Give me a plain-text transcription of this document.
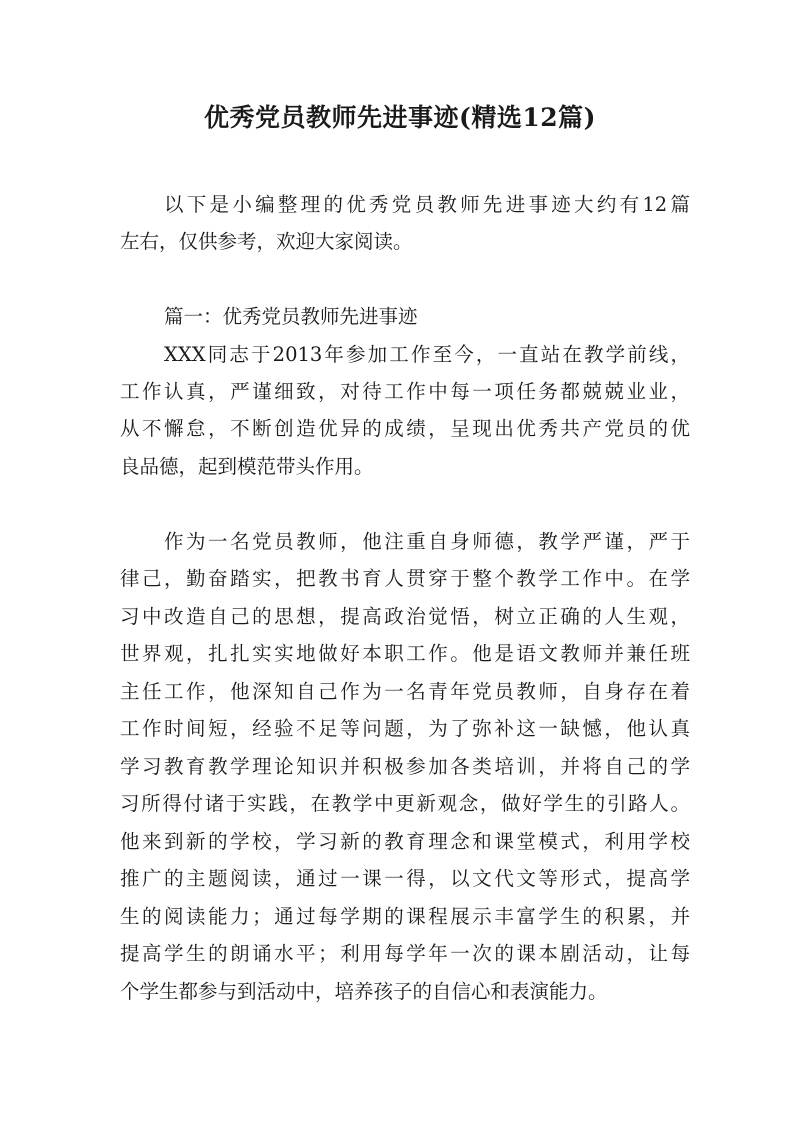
优秀党员教师先进事迹(精选12篇)
以下是小编整理的优秀党员教师先进事迹大约有12篇
左右，仅供参考，欢迎大家阅读。
篇一：优秀党员教师先进事迹
XXX同志于2013年参加工作至今，一直站在教学前线，
工作认真，严谨细致，对待工作中每一项任务都兢兢业业，
从不懈怠，不断创造优异的成绩，呈现出优秀共产党员的优
良品德，起到模范带头作用。
作为一名党员教师，他注重自身师德，教学严谨，严于
律己，勤奋踏实，把教书育人贯穿于整个教学工作中。在学
习中改造自己的思想，提高政治觉悟，树立正确的人生观，
世界观，扎扎实实地做好本职工作。他是语文教师并兼任班
主任工作，他深知自己作为一名青年党员教师，自身存在着
工作时间短，经验不足等问题，为了弥补这一缺憾，他认真
学习教育教学理论知识并积极参加各类培训，并将自己的学
习所得付诸于实践，在教学中更新观念，做好学生的引路人。
他来到新的学校，学习新的教育理念和课堂模式，利用学校
推广的主题阅读，通过一课一得，以文代文等形式，提高学
生的阅读能力；通过每学期的课程展示丰富学生的积累，并
提高学生的朗诵水平；利用每学年一次的课本剧活动，让每
个学生都参与到活动中，培养孩子的自信心和表演能力。
